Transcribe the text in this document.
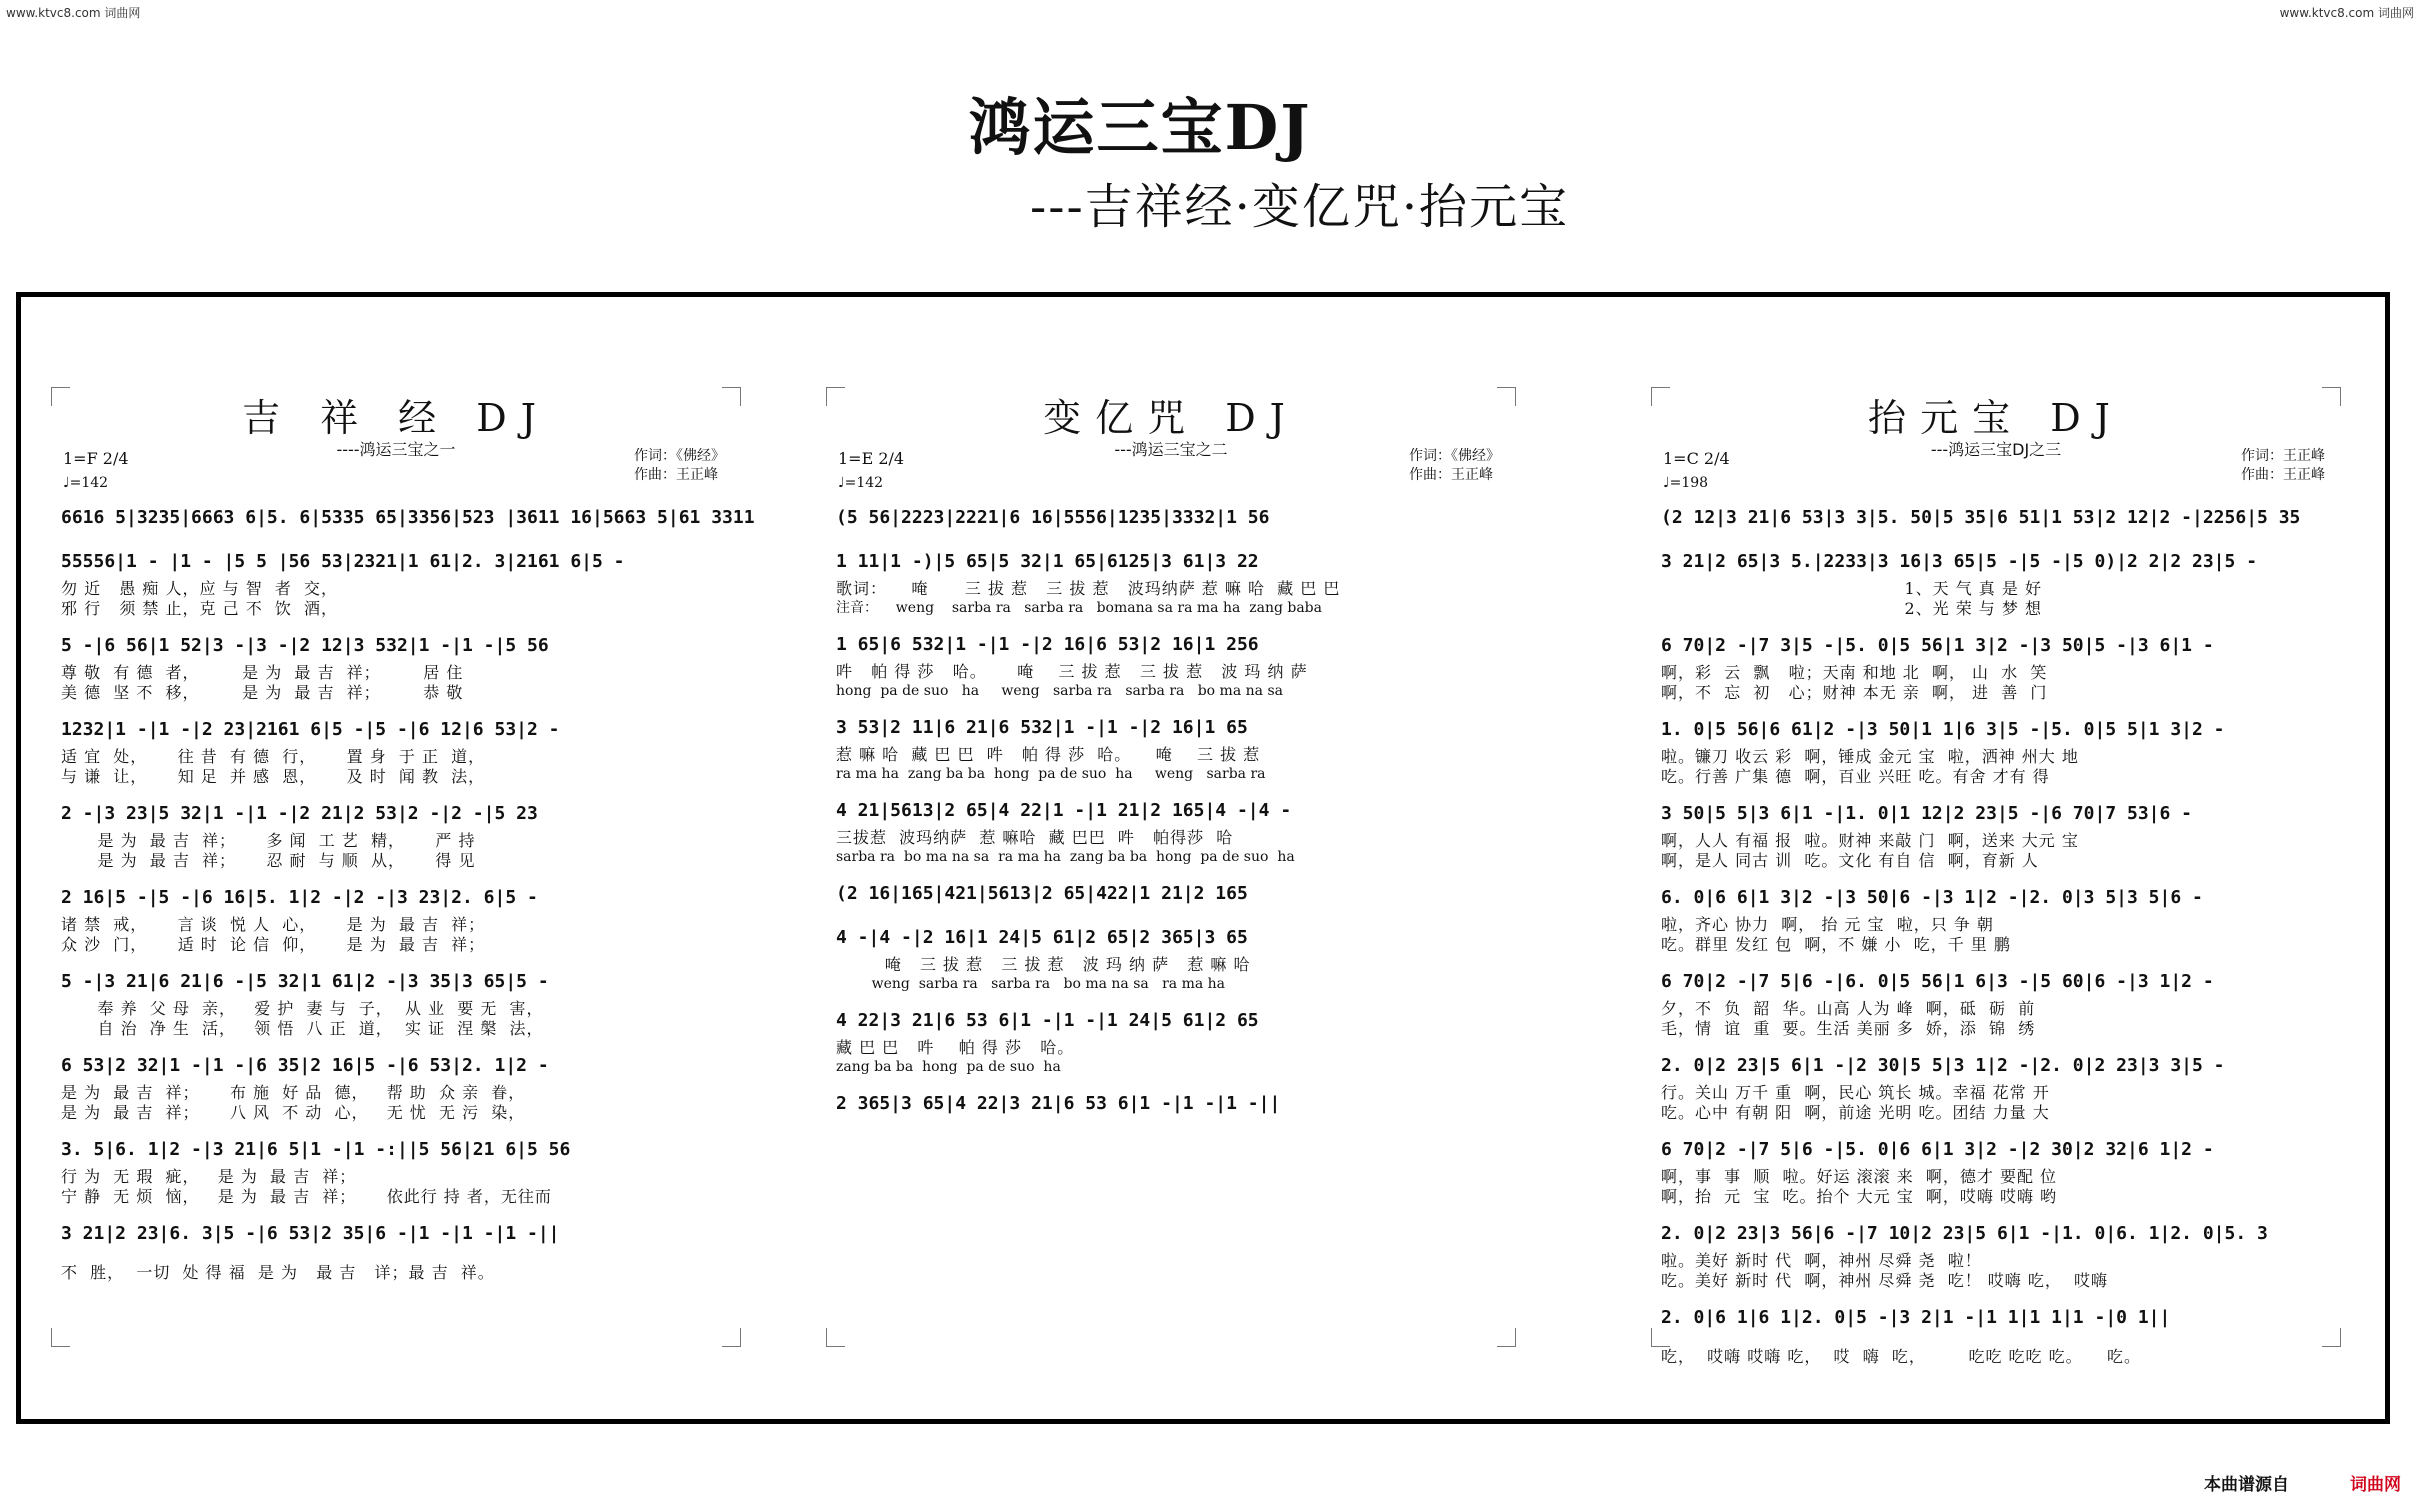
www.ktvc8.com 词曲网	www.ktvc8.com 词曲网
鸿运三宝DJ
---吉祥经·变亿咒·抬元宝
吉 祥 经 DJ
----鸿运三宝之一
1=F 2/4
♩=142
作词：《佛经》
作曲：王正峰
6616 5|3235|6663 6|5. 6|5335 65|3356|523 |3611 16|5663 5|61 3311
55556|1 - |1 - |5 5 |56 53|2321|1 61|2. 3|2161 6|5 -
勿 近   愚 痴 人，应 与 智  者  交，
邪 行   须 禁 止，克 己 不  饮  酒，
5 -|6 56|1 52|3 -|3 -|2 12|3 532|1 -|1 -|5 56
尊 敬  有 德  者，       是 为  最 吉  祥；       居 住
美 德  坚 不  移，       是 为  最 吉  祥；       恭 敬
1232|1 -|1 -|2 23|2161 6|5 -|5 -|6 12|6 53|2 -
适 宜  处，     往 昔  有 德  行，     置 身  于 正  道，
与 谦  让，     知 足  并 感  恩，     及 时  闻 教  法，
2 -|3 23|5 32|1 -|1 -|2 21|2 53|2 -|2 -|5 23
是 为  最 吉  祥；     多 闻  工 艺  精，     严 持
是 为  最 吉  祥；     忍 耐  与 顺  从，     得 见
2 16|5 -|5 -|6 16|5. 1|2 -|2 -|3 23|2. 6|5 -
诸 禁  戒，     言 谈  悦 人  心，     是 为  最 吉  祥；
众 沙  门，     适 时  论 信  仰，     是 为  最 吉  祥；
5 -|3 21|6 21|6 -|5 32|1 61|2 -|3 35|3 65|5 -
奉 养  父 母  亲，   爱 护  妻 与  子，  从 业  要 无  害，
自 治  净 生  活，   领 悟  八 正  道，  实 证  涅 槃  法，
6 53|2 32|1 -|1 -|6 35|2 16|5 -|6 53|2. 1|2 -
是 为  最 吉  祥；     布 施  好 品  德，   帮 助  众 亲  眷，
是 为  最 吉  祥；     八 风  不 动  心，   无 忧  无 污  染，
3. 5|6. 1|2 -|3 21|6 5|1 -|1 -:||5 56|21 6|5 56
行 为  无 瑕  疵，   是 为  最 吉  祥；
宁 静  无 烦  恼，   是 为  最 吉  祥；     依此行 持 者，无往而
3 21|2 23|6. 3|5 -|6 53|2 35|6 -|1 -|1 -|1 -||
不  胜，  一切  处 得 福  是 为   最 吉   详；最 吉  祥。
变亿咒 DJ
---鸿运三宝之二
1=E 2/4
♩=142
作词：《佛经》
作曲：王正峰
(5 56|2223|2221|6 16|5556|1235|3332|1 56
1 11|1 -)|5 65|5 32|1 65|6125|3 61|3 22
歌词：    唵      三 拔 惹   三 拔 惹   波玛纳萨 惹 嘛 哈  藏 巴 巴
注音：    weng    sarba ra   sarba ra   bomana sa ra ma ha  zang baba
1 65|6 532|1 -|1 -|2 16|6 53|2 16|1 256
吽   帕 得 莎   哈。     唵    三 拔 惹   三 拔 惹   波 玛 纳 萨
hong  pa de suo   ha     weng   sarba ra   sarba ra   bo ma na sa
3 53|2 11|6 21|6 532|1 -|1 -|2 16|1 65
惹 嘛 哈  藏 巴 巴  吽   帕 得 莎  哈。    唵    三 拔 惹
ra ma ha  zang ba ba  hong  pa de suo  ha     weng   sarba ra
4 21|5613|2 65|4 22|1 -|1 21|2 165|4 -|4 -
三拔惹  波玛纳萨  惹 嘛哈  藏 巴巴  吽   帕得莎  哈
sarba ra  bo ma na sa  ra ma ha  zang ba ba  hong  pa de suo  ha
(2 16|165|421|5613|2 65|422|1 21|2 165
4 -|4 -|2 16|1 24|5 61|2 65|2 365|3 65
唵   三 拔 惹   三 拔 惹   波 玛 纳 萨   惹 嘛 哈
weng  sarba ra   sarba ra   bo ma na sa   ra ma ha
4 22|3 21|6 53 6|1 -|1 -|1 24|5 61|2 65
藏 巴 巴   吽    帕 得 莎   哈。
zang ba ba  hong  pa de suo  ha
2 365|3 65|4 22|3 21|6 53 6|1 -|1 -|1 -||
抬元宝 DJ
---鸿运三宝DJ之三
1=C 2/4
♩=198
作词：王正峰
作曲：王正峰
(2 12|3 21|6 53|3 3|5. 50|5 35|6 51|1 53|2 12|2 -|2256|5 35
3 21|2 65|3 5.|2233|3 16|3 65|5 -|5 -|5 0)|2 2|2 23|5 -
1、天 气 真 是 好
2、光 荣 与 梦 想
6 70|2 -|7 3|5 -|5. 0|5 56|1 3|2 -|3 50|5 -|3 6|1 -
啊，彩  云  飘   啦；天南 和地 北  啊， 山  水  笑
啊，不  忘  初   心；财神 本无 亲  啊， 进  善  门
1. 0|5 56|6 61|2 -|3 50|1 1|6 3|5 -|5. 0|5 5|1 3|2 -
啦。镰刀 收云 彩  啊，锤成 金元 宝  啦，洒神 州大 地
吃。行善 广集 德  啊，百业 兴旺 吃。有舍 才有 得
3 50|5 5|3 6|1 -|1. 0|1 12|2 23|5 -|6 70|7 53|6 -
啊，人人 有福 报  啦。财神 来敲 门  啊，送来 大元 宝
啊，是人 同古 训  吃。文化 有自 信  啊，育新 人
6. 0|6 6|1 3|2 -|3 50|6 -|3 1|2 -|2. 0|3 5|3 5|6 -
啦，齐心 协力  啊， 抬 元 宝  啦，只 争 朝
吃。群里 发红 包  啊，不 嫌 小  吃，千 里 鹏
6 70|2 -|7 5|6 -|6. 0|5 56|1 6|3 -|5 60|6 -|3 1|2 -
夕，不  负  韶  华。山高 人为 峰  啊，砥  砺  前
毛，情  谊  重  要。生活 美丽 多  娇，添  锦  绣
2. 0|2 23|5 6|1 -|2 30|5 5|3 1|2 -|2. 0|2 23|3 3|5 -
行。关山 万千 重  啊，民心 筑长 城。幸福 花常 开
吃。心中 有朝 阳  啊，前途 光明 吃。团结 力量 大
6 70|2 -|7 5|6 -|5. 0|6 6|1 3|2 -|2 30|2 32|6 1|2 -
啊，事  事  顺  啦。好运 滚滚 来  啊，德才 要配 位
啊，抬  元  宝  吃。抬个 大元 宝  啊，哎嗨 哎嗨 哟
2. 0|2 23|3 56|6 -|7 10|2 23|5 6|1 -|1. 0|6. 1|2. 0|5. 3
啦。美好 新时 代  啊，神州 尽舜 尧  啦！
吃。美好 新时 代  啊，神州 尽舜 尧  吃！ 哎嗨 吃，  哎嗨
2. 0|6 1|6 1|2. 0|5 -|3 2|1 -|1 1|1 1|1 -|0 1||
吃，  哎嗨 哎嗨 吃，  哎  嗨  吃，       吃吃 吃吃 吃。    吃。
本曲谱源自	词曲网
